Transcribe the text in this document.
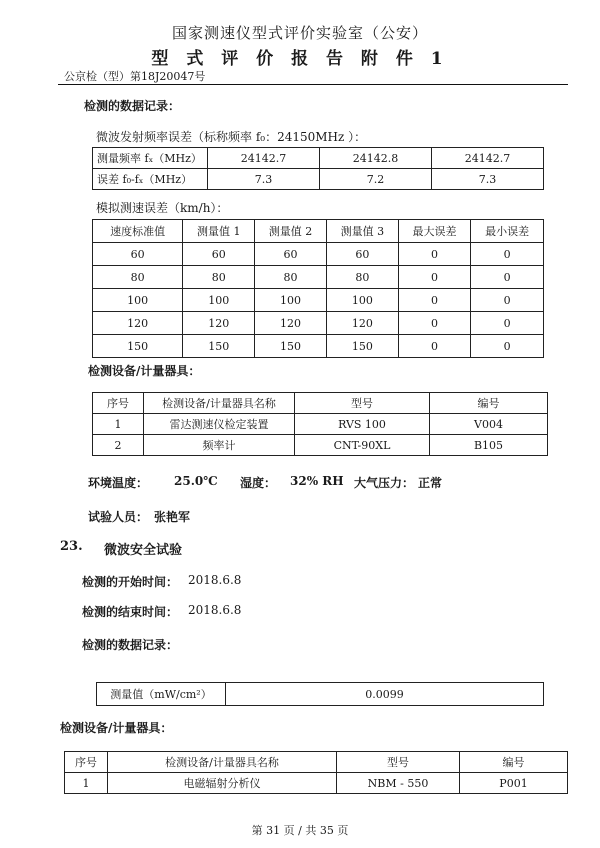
国家测速仪型式评价实验室（公安）
型 式 评 价 报 告 附 件 1
公京检（型）第18J20047号
检测的数据记录：
微波发射频率误差（标称频率 f₀：24150MHz ）：
测量频率 fₓ（MHz）	24142.7	24142.8	24142.7
误差 f₀-fₓ（MHz）	7.3	7.2	7.3
模拟测速误差（km/h）：
速度标准值	测量值 1	测量值 2	测量值 3	最大误差	最小误差
60	60	60	60	0	0
80	80	80	80	0	0
100	100	100	100	0	0
120	120	120	120	0	0
150	150	150	150	0	0
检测设备/计量器具：
序号	检测设备/计量器具名称	型号	编号
1	雷达测速仪检定装置	RVS 100	V004
2	频率计	CNT-90XL	B105
环境温度： 25.0℃ 湿度： 32% RH 大气压力： 正常
试验人员： 张艳军
23. 微波安全试验
检测的开始时间： 2018.6.8
检测的结束时间： 2018.6.8
检测的数据记录：
测量值（mW/cm²）	0.0099
检测设备/计量器具：
序号	检测设备/计量器具名称	型号	编号
1	电磁辐射分析仪	NBM - 550	P001
第 31 页 / 共 35 页
